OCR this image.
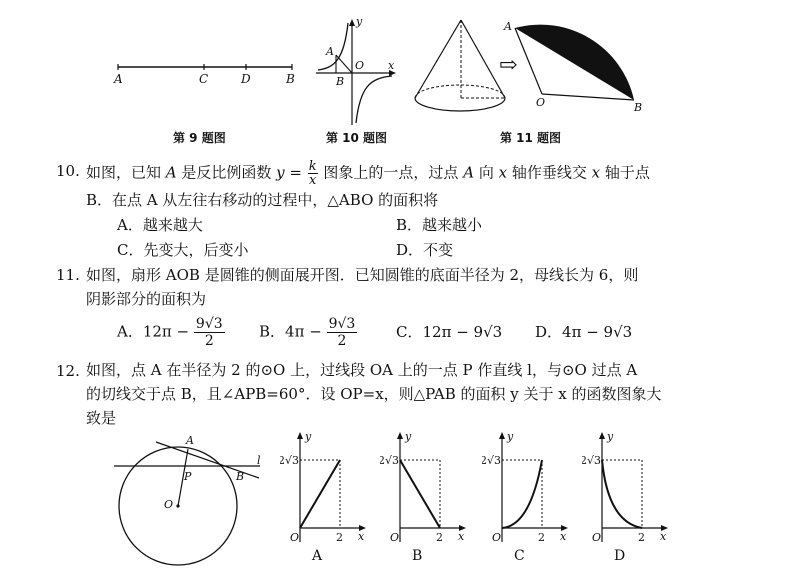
A	C	D	B
第 9 题图
A
B
O
y
x
第 10 题图
⇨
A
O	B
第 11 题图
10. 如图，已知 A 是反比例函数 $y = \frac{k}{x}$ 图象上的一点，过点 A 向 x 轴作垂线交 x 轴于点
B．在点 A 从左往右移动的过程中，△ABO 的面积将
A．越来越大	B．越来越小
C．先变大，后变小	D．不变
11. 如图，扇形 AOB 是圆锥的侧面展开图．已知圆锥的底面半径为 2，母线长为 6，则
阴影部分的面积为
A．$12\pi - \frac{9√3}{2}$ B．$4\pi - \frac{9√3}{2}$	C．12π − 9√3 D．4π − 9√3
12. 如图，点 A 在半径为 2 的⊙O 上，过线段 OA 上的一点 P 作直线 l，与⊙O 过点 A
的切线交于点 B，且∠APB=60°．设 OP=x，则△PAB 的面积 y 关于 x 的函数图象大
致是
A
P	B
O
l 2√3
y
O	2 x
A
2√3
y
O	2 x
B
2√3
y
O	2 x
C
2√3
y
O	2 x
D
